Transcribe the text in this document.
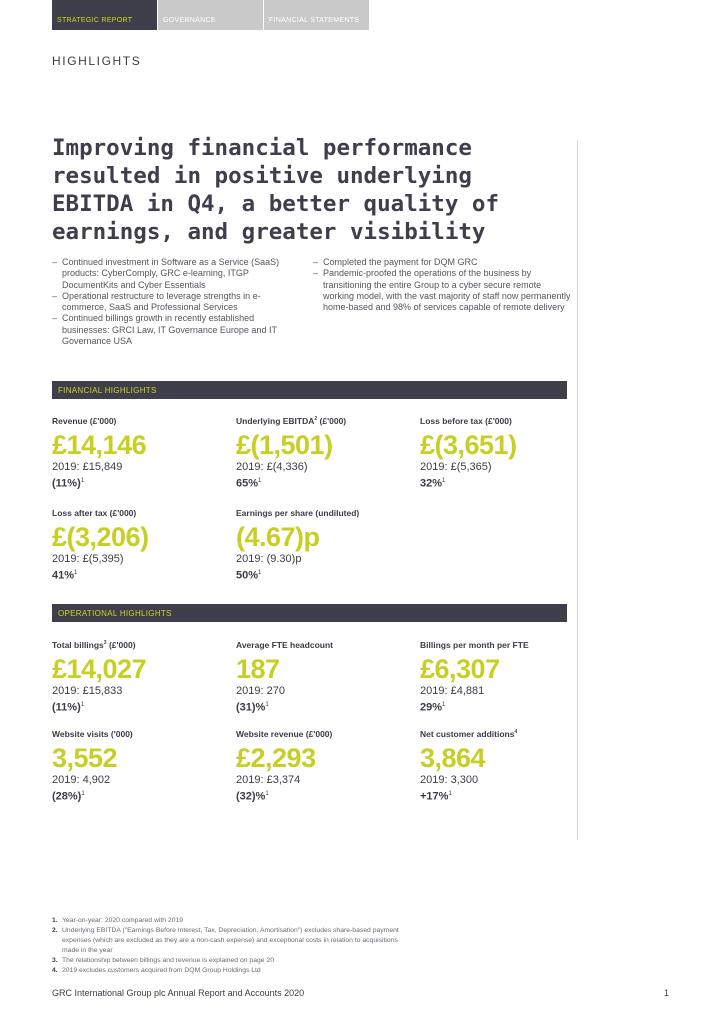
STRATEGIC REPORT	GOVERNANCE	FINANCIAL STATEMENTS
HIGHLIGHTS
Improving financial performance resulted in positive underlying EBITDA in Q4, a better quality of earnings, and greater visibility
– Continued investment in Software as a Service (SaaS) products: CyberComply, GRC e-learning, ITGP DocumentKits and Cyber Essentials
– Operational restructure to leverage strengths in e-commerce, SaaS and Professional Services
– Continued billings growth in recently established businesses: GRCI Law, IT Governance Europe and IT Governance USA
– Completed the payment for DQM GRC
– Pandemic-proofed the operations of the business by transitioning the entire Group to a cyber secure remote working model, with the vast majority of staff now permanently home-based and 98% of services capable of remote delivery
FINANCIAL HIGHLIGHTS
Revenue (£'000)
£14,146
2019: £15,849
$(11\%)^1$
Underlying EBITDA$^2$ (£'000)
£(1,501)
2019: £(4,336)
65%$^1$
Loss before tax (£'000)
£(3,651)
2019: £(5,365)
32%$^1$
Loss after tax (£'000)
£(3,206)
2019: £(5,395)
41%$^1$
Earnings per share (undiluted)
(4.67)p
2019: (9.30)p
50%$^1$
OPERATIONAL HIGHLIGHTS
Total billings$^3$ (£'000)
£14,027
2019: £15,833
$(11\%)^1$
Average FTE headcount
187
2019: 270
(31)%$^1$
Billings per month per FTE
£6,307
2019: £4,881
29%$^1$
Website visits ('000)
3,552
2019: 4,902
$(28\%)^1$
Website revenue (£'000)
£2,293
2019: £3,374
(32)%$^1$
Net customer additions$^4$
3,864
2019: 3,300
+17%$^1$
1. Year-on-year: 2020 compared with 2019
2. Underlying EBITDA ("Earnings Before Interest, Tax, Depreciation, Amortisation") excludes share-based payment expenses (which are excluded as they are a non-cash expense) and exceptional costs in relation to acquisitions made in the year
3. The relationship between billings and revenue is explained on page 20
4. 2019 excludes customers acquired from DQM Group Holdings Ltd
GRC International Group plc Annual Report and Accounts 2020	1
